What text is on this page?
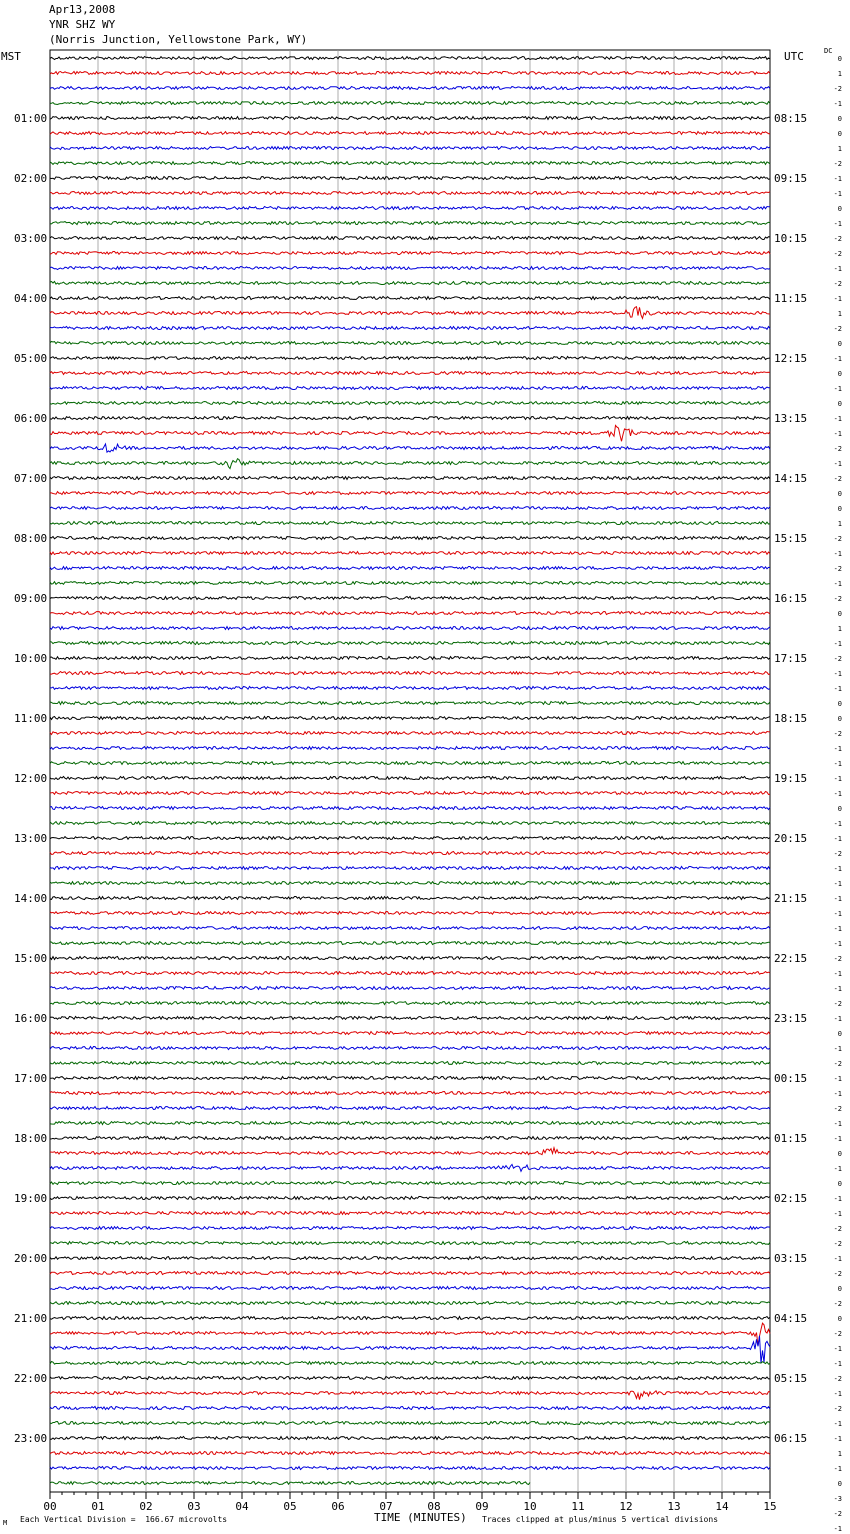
Apr13,2008
YNR SHZ WY
(Norris Junction, Yellowstone Park, WY)
MST	UTC	DC
01:00
02:00
03:00
04:00
05:00
06:00
07:00
08:00
09:00
10:00
11:00
12:00
13:00
14:00
15:00
16:00
17:00
18:00
19:00
20:00
21:00
22:00
23:00
08:15
09:15
10:15
11:15
12:15
13:15
14:15
15:15
16:15
17:15
18:15
19:15
20:15
21:15
22:15
23:15
00:15
01:15
02:15
03:15
04:15
05:15
06:15
0
1
-2
-1
0
0
1
-2
-1
-1
0
-1
-2
-2
-1
-2
-1
1
-2
0
-1
0
-1
0
-1
-1
-2
-1
-2
0
0
1
-2
-1
-2
-1
-2
0
1
-1
-2
-1
-1
0
0
-2
-1
-1
-1
-1
0
-1
-1
-2
-1
-1
-1
-1
-1
-1
-2
-1
-1
-2
-1
0
-1
-2
-1
-1
-2
-1
-1
0
-1
0
-1
-1
-2
-2
-1
-2
0
-2
0
-2
-1
-1
-2
-1
-2
-1
-1
1
-1
0
-3
-2
-1
00	01	02	03	04	05	06	07	08	09	10	11	12	13	14	15
M Each Vertical Division =  166.67 microvolts	TIME (MINUTES) Traces clipped at plus/minus 5 vertical divisions
